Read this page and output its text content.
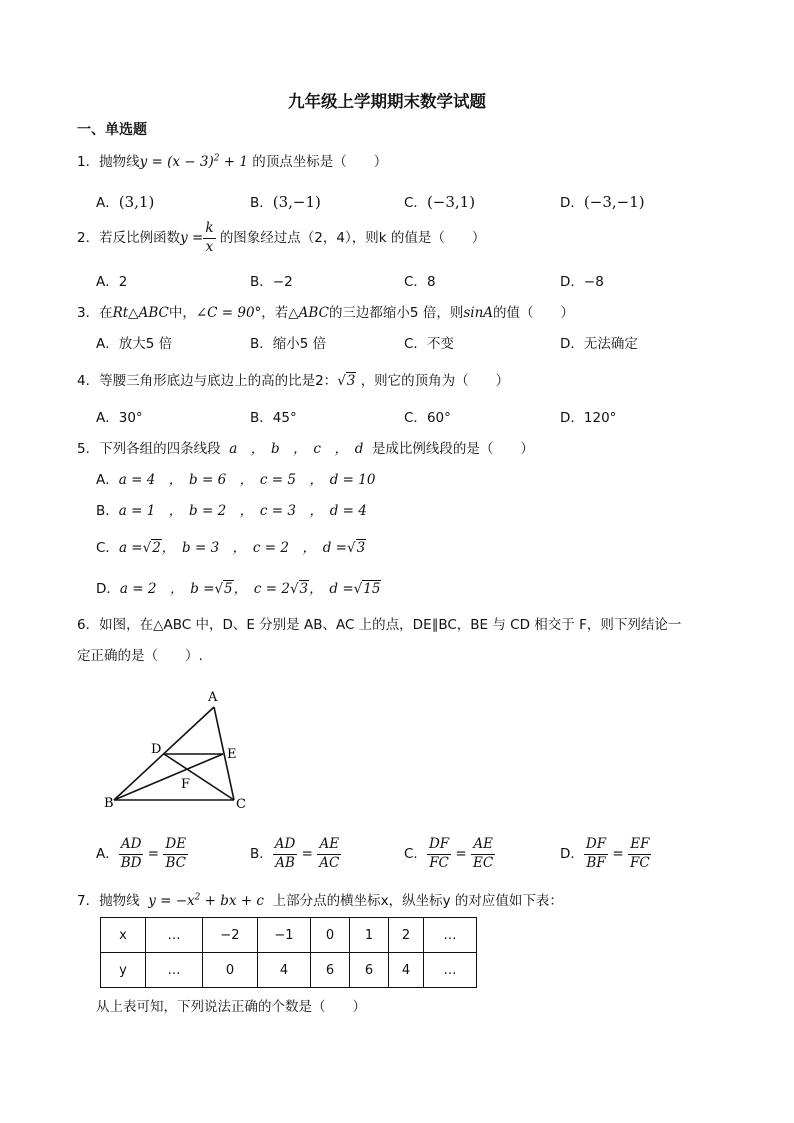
九年级上学期期末数学试题
一、单选题
1．抛物线$y = (x - 3)^2 + 1$ 的顶点坐标是（　　）
A．(3,1)	B．(3,−1)	C．(−3,1)	D．(−3,−1)
2．若反比例函数$y = \frac{k}{x}$ 的图象经过点（2，4），则k 的值是（　　）
A．2	B．−2	C．8	D．−8
3．在Rt△ABC中，∠C = 90°，若△ABC的三边都缩小5 倍，则sinA的值（　　）
A．放大5 倍	B．缩小5 倍	C．不变	D．无法确定
4．等腰三角形底边与底边上的高的比是2：√3 ，则它的顶角为（　　）
A．30°	B．45°	C．60°	D．120°
5．下列各组的四条线段 a　，　b　，　c　，　d 是成比例线段的是（　　）
A．a = 4　，　b = 6　，　c = 5　，　d = 10
B．a = 1　，　b = 2　，　c = 3　，　d = 4
C．a =√2，　b = 3　，　c = 2　，　d =√3
D．a = 2　，　b =√5，　c = 2√3，　d =√15
6．如图，在△ABC 中，D、E 分别是 AB、AC 上的点，DE∥BC，BE 与 CD 相交于 F，则下列结论一
定正确的是（　　）.
A
B	C
D	E
F
A． $\frac{AD}{BD} = \frac{DE}{BC}$	B． $\frac{AD}{AB} = \frac{AE}{AC}$	C． $\frac{DF}{FC} = \frac{AE}{EC}$	D． $\frac{DF}{BF} = \frac{EF}{FC}$
7．抛物线 $y = -x^2$ + bx + c 上部分点的横坐标x，纵坐标y 的对应值如下表：
x	…	−2	−1	0	1	2	…
y	…	0	4	6	6	4	…
从上表可知，下列说法正确的个数是（　　）
